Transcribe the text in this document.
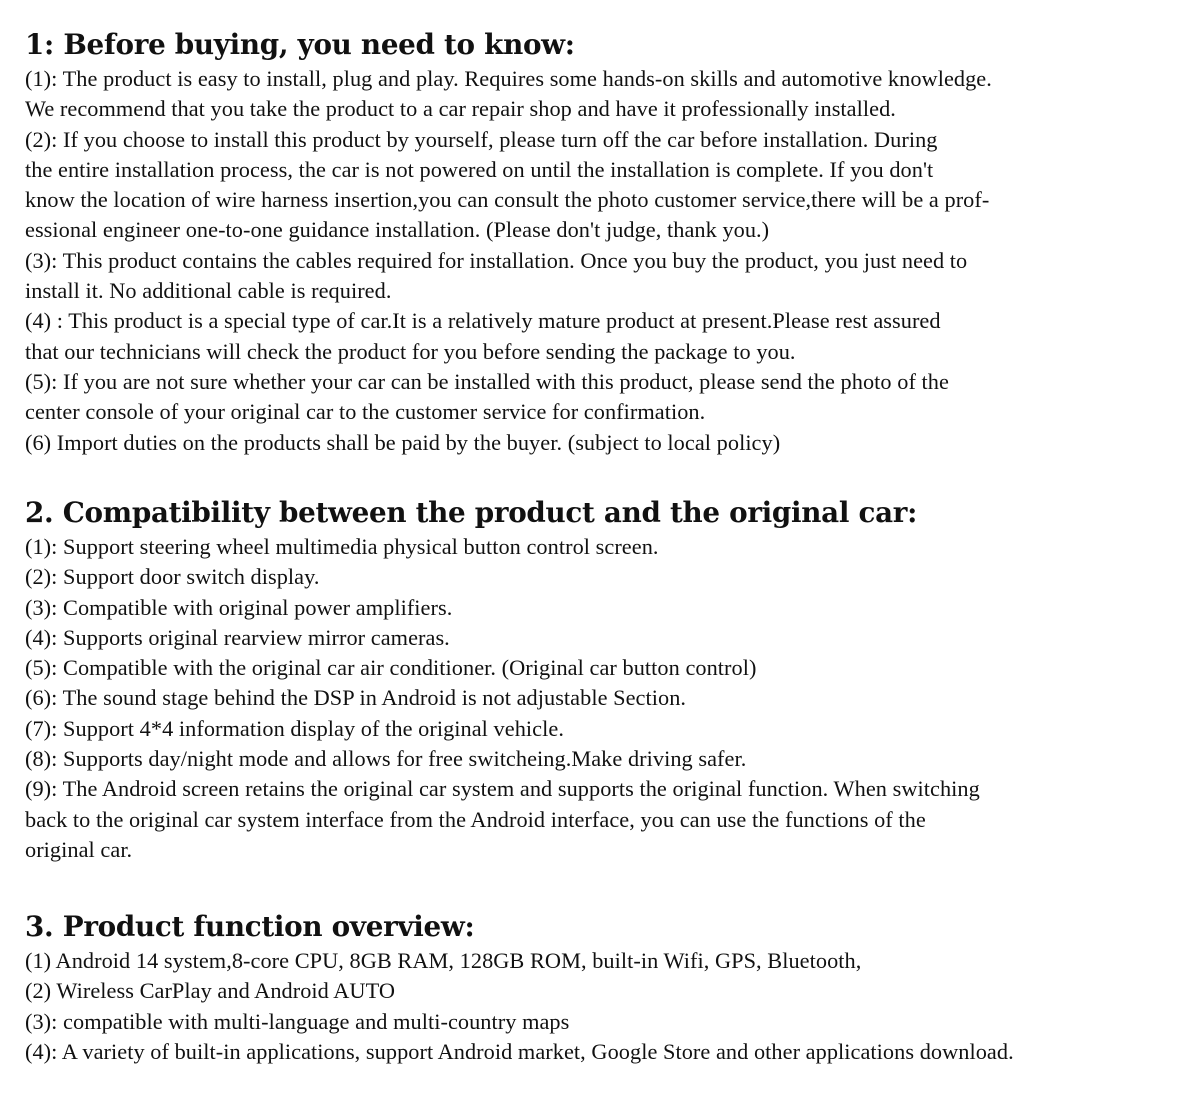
1: Before buying, you need to know:
(1): The product is easy to install, plug and play. Requires some hands-on skills and automotive knowledge.
We recommend that you take the product to a car repair shop and have it professionally installed.
(2): If you choose to install this product by yourself, please turn off the car before installation. During
the entire installation process, the car is not powered on until the installation is complete. If you don't
know the location of wire harness insertion,you can consult the photo customer service,there will be a prof-
essional engineer one-to-one guidance installation. (Please don't judge, thank you.)
(3): This product contains the cables required for installation. Once you buy the product, you just need to
install it. No additional cable is required.
(4) : This product is a special type of car.It is a relatively mature product at present.Please rest assured
that our technicians will check the product for you before sending the package to you.
(5): If you are not sure whether your car can be installed with this product, please send the photo of the
center console of your original car to the customer service for confirmation.
(6) Import duties on the products shall be paid by the buyer. (subject to local policy)
2. Compatibility between the product and the original car:
(1): Support steering wheel multimedia physical button control screen.
(2): Support door switch display.
(3): Compatible with original power amplifiers.
(4): Supports original rearview mirror cameras.
(5): Compatible with the original car air conditioner. (Original car button control)
(6): The sound stage behind the DSP in Android is not adjustable Section.
(7): Support 4*4 information display of the original vehicle.
(8): Supports day/night mode and allows for free switcheing.Make driving safer.
(9): The Android screen retains the original car system and supports the original function. When switching
back to the original car system interface from the Android interface, you can use the functions of the
original car.
3. Product function overview:
(1) Android 14 system,8-core CPU, 8GB RAM, 128GB ROM, built-in Wifi, GPS, Bluetooth,
(2) Wireless CarPlay and Android AUTO
(3): compatible with multi-language and multi-country maps
(4): A variety of built-in applications, support Android market, Google Store and other applications download.
